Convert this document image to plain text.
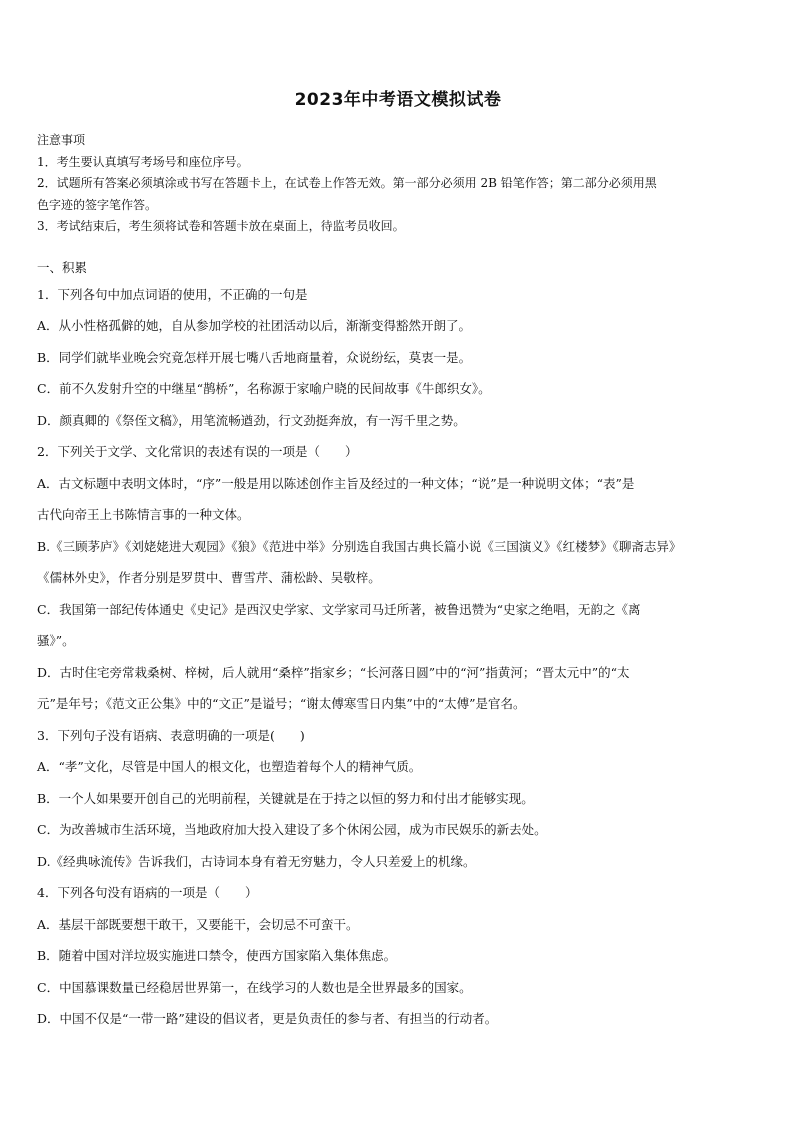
2023年中考语文模拟试卷
注意事项
1．考生要认真填写考场号和座位序号。
2．试题所有答案必须填涂或书写在答题卡上，在试卷上作答无效。第一部分必须用 2B 铅笔作答；第二部分必须用黑
色字迹的签字笔作答。
3．考试结束后，考生须将试卷和答题卡放在桌面上，待监考员收回。
一、积累
1．下列各句中加点词语的使用，不正确的一句是
A．从小性格孤僻的她，自从参加学校的社团活动以后，渐渐变得豁然开朗了。
B．同学们就毕业晚会究竟怎样开展七嘴八舌地商量着，众说纷纭，莫衷一是。
C．前不久发射升空的中继星“鹊桥”，名称源于家喻户晓的民间故事《牛郎织女》。
D．颜真卿的《祭侄文稿》，用笔流畅遒劲，行文劲挺奔放，有一泻千里之势。
2．下列关于文学、文化常识的表述有误的一项是（　　）
A．古文标题中表明文体时，“序”一般是用以陈述创作主旨及经过的一种文体；“说”是一种说明文体；“表”是
古代向帝王上书陈情言事的一种文体。
B.《三顾茅庐》《刘姥姥进大观园》《狼》《范进中举》分别选自我国古典长篇小说《三国演义》《红楼梦》《聊斋志异》
《儒林外史》，作者分别是罗贯中、曹雪芹、蒲松龄、吴敬梓。
C．我国第一部纪传体通史《史记》是西汉史学家、文学家司马迁所著，被鲁迅赞为“史家之绝唱，无韵之《离
骚》”。
D．古时住宅旁常栽桑树、梓树，后人就用“桑梓”指家乡；“长河落日圆”中的“河”指黄河；“晋太元中”的“太
元”是年号；《范文正公集》中的“文正”是谥号；“谢太傅寒雪日内集”中的“太傅”是官名。
3．下列句子没有语病、表意明确的一项是(　　)
A．“孝”文化，尽管是中国人的根文化，也塑造着每个人的精神气质。
B．一个人如果要开创自己的光明前程，关键就是在于持之以恒的努力和付出才能够实现。
C．为改善城市生活环境，当地政府加大投入建设了多个休闲公园，成为市民娱乐的新去处。
D.《经典咏流传》告诉我们，古诗词本身有着无穷魅力，令人只差爱上的机缘。
4．下列各句没有语病的一项是（　　）
A．基层干部既要想干敢干，又要能干，会切忌不可蛮干。
B．随着中国对洋垃圾实施进口禁令，使西方国家陷入集体焦虑。
C．中国慕课数量已经稳居世界第一，在线学习的人数也是全世界最多的国家。
D．中国不仅是“一带一路”建设的倡议者，更是负责任的参与者、有担当的行动者。
